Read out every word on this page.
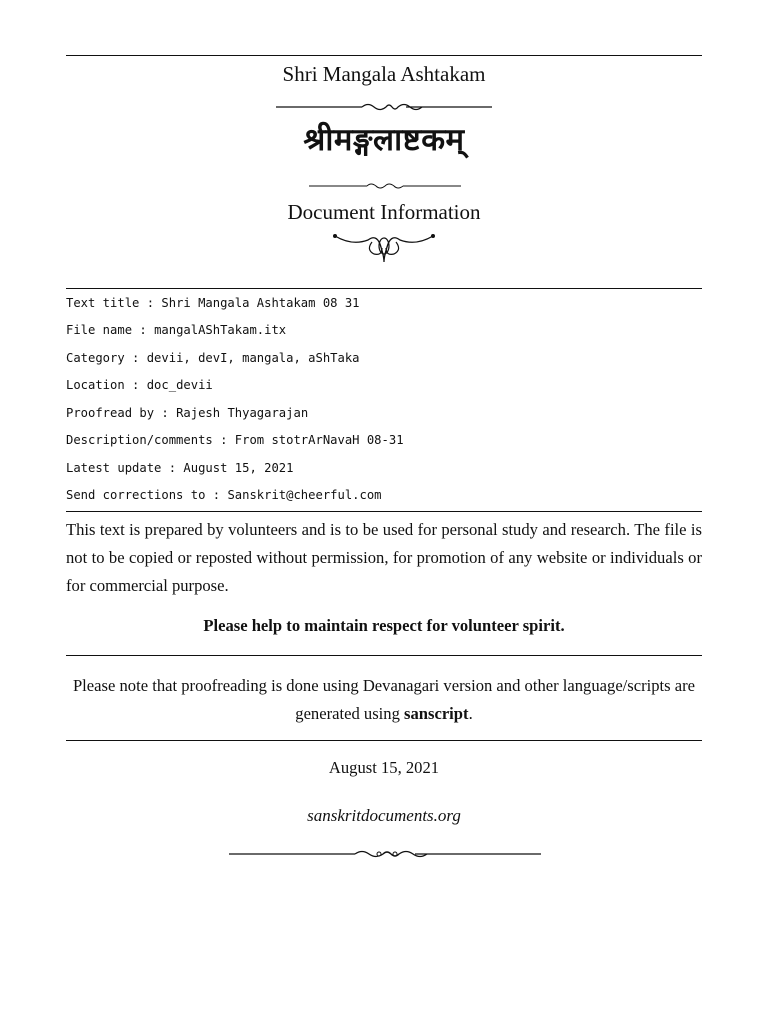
Shri Mangala Ashtakam
श्रीमङ्गलाष्टकम्
Document Information
Text title : Shri Mangala Ashtakam 08 31
File name : mangalAShTakam.itx
Category : devii, devI, mangala, aShTaka
Location : doc_devii
Proofread by : Rajesh Thyagarajan
Description/comments : From stotrArNavaH 08-31
Latest update : August 15, 2021
Send corrections to : Sanskrit@cheerful.com
This text is prepared by volunteers and is to be used for personal study and research. The file is not to be copied or reposted without permission, for promotion of any website or individuals or for commercial purpose.
Please help to maintain respect for volunteer spirit.
Please note that proofreading is done using Devanagari version and other language/scripts are generated using sanscript.
August 15, 2021
sanskritdocuments.org
